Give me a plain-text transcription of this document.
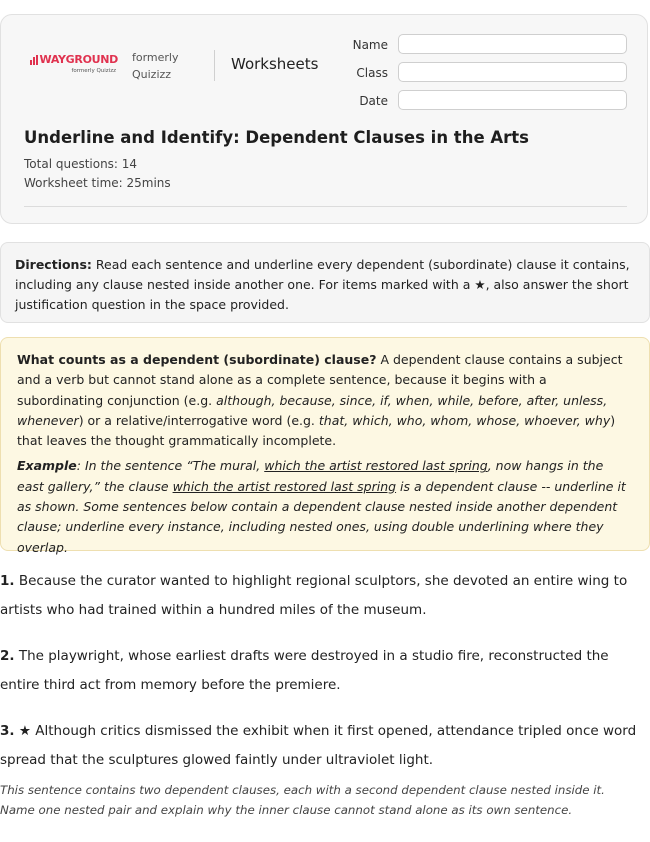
WAYGROUND
formerly Quizizz
formerly
Quizizz
Worksheets
Name
Class
Date
Underline and Identify: Dependent Clauses in the Arts
Total questions: 14
Worksheet time: 25mins
Directions: Read each sentence and underline every dependent (subordinate) clause it contains, including any clause nested inside another one. For items marked with a ★, also answer the short justification question in the space provided.

What counts as a dependent (subordinate) clause? A dependent clause contains a subject and a verb but cannot stand alone as a complete sentence, because it begins with a subordinating conjunction (e.g. although, because, since, if, when, while, before, after, unless, whenever) or a relative/interrogative word (e.g. that, which, who, whom, whose, whoever, why) that leaves the thought grammatically incomplete.

Example: In the sentence “The mural, which the artist restored last spring, now hangs in the east gallery,” the clause which the artist restored last spring is a dependent clause -- underline it as shown. Some sentences below contain a dependent clause nested inside another dependent clause; underline every instance, including nested ones, using double underlining where they overlap.

1. Because the curator wanted to highlight regional sculptors, she devoted an entire wing to artists who had trained within a hundred miles of the museum.
2. The playwright, whose earliest drafts were destroyed in a studio fire, reconstructed the entire third act from memory before the premiere.
3. ★ Although critics dismissed the exhibit when it first opened, attendance tripled once word spread that the sculptures glowed faintly under ultraviolet light.
This sentence contains two dependent clauses, each with a second dependent clause nested inside it. Name one nested pair and explain why the inner clause cannot stand alone as its own sentence.
